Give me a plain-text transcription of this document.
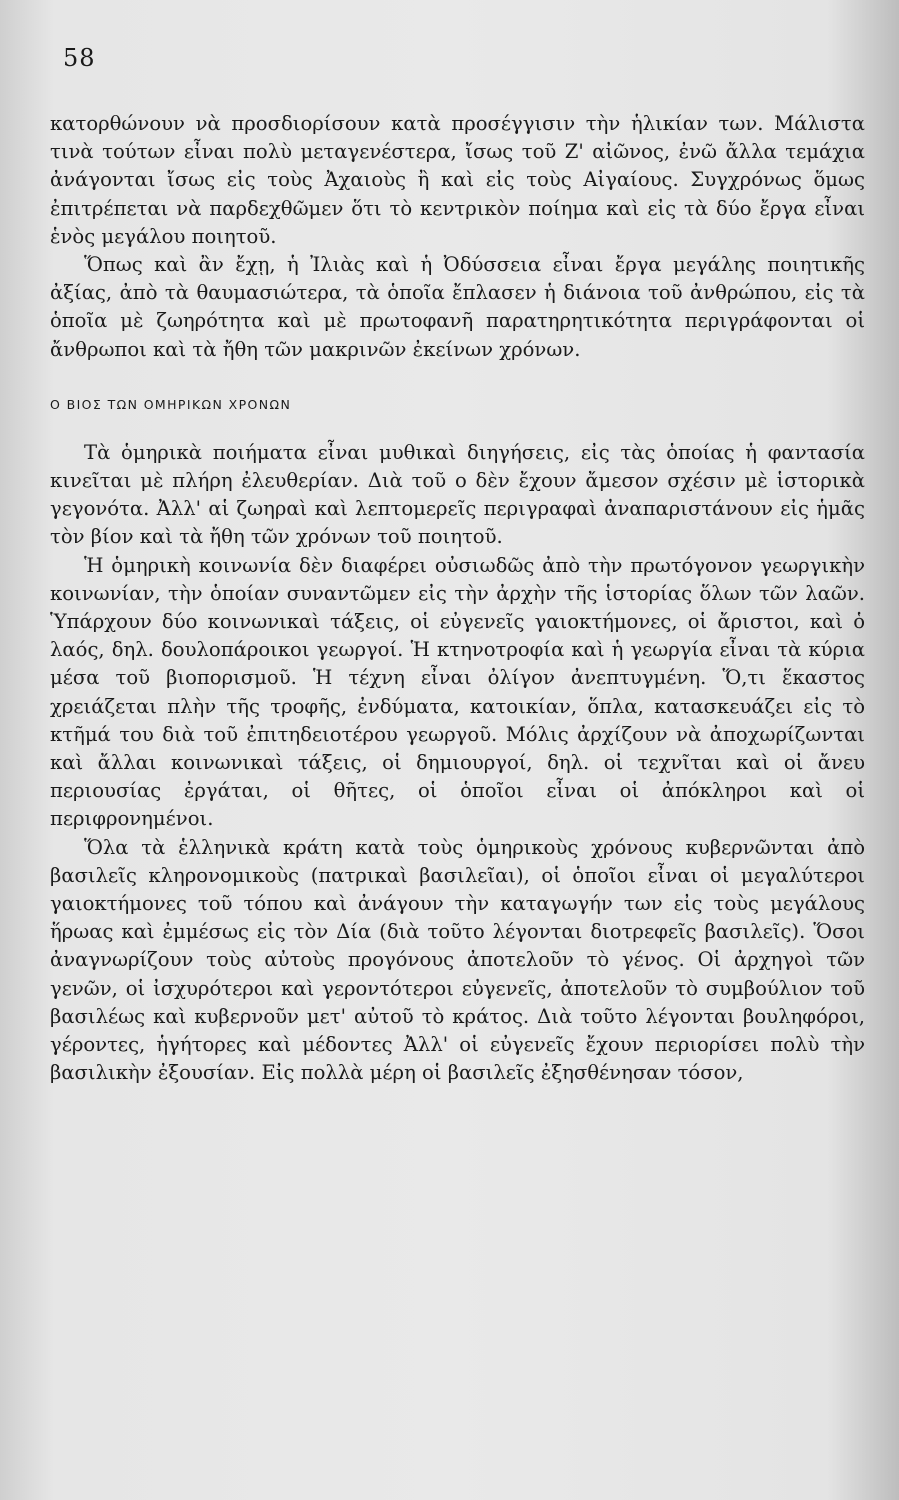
58

κατορθώνουν νὰ προσδιορίσουν κατὰ προσέγγισιν τὴν ἡλικίαν των. Μάλιστα τινὰ τούτων εἶναι πολὺ μεταγενέστερα, ἴσως τοῦ Ζ' αἰῶνος, ἐνῶ ἄλλα τεμάχια ἀνάγονται ἴσως εἰς τοὺς Ἀχαιοὺς ἢ καὶ εἰς τοὺς Αἰγαίους. Συγχρόνως ὅμως ἐπιτρέπεται νὰ παρδεχθῶμεν ὅτι τὸ κεντρικὸν ποίημα καὶ εἰς τὰ δύο ἔργα εἶναι ἑνὸς μεγάλου ποιητοῦ.

Ὅπως καὶ ἂν ἔχῃ, ἡ Ἰλιὰς καὶ ἡ Ὀδύσσεια εἶναι ἔργα μεγάλης ποιητικῆς ἀξίας, ἀπὸ τὰ θαυμασιώτερα, τὰ ὁποῖα ἔπλασεν ἡ διάνοια τοῦ ἀνθρώπου, εἰς τὰ ὁποῖα μὲ ζωηρότητα καὶ μὲ πρωτοφανῆ παρατηρητικότητα περιγράφονται οἱ ἄνθρωποι καὶ τὰ ἤθη τῶν μακρινῶν ἐκείνων χρόνων.

Ο ΒΙΟΣ ΤΩΝ ΟΜΗΡΙΚΩΝ ΧΡΟΝΩΝ

Τὰ ὁμηρικὰ ποιήματα εἶναι μυθικαὶ διηγήσεις, εἰς τὰς ὁποίας ἡ φαντασία κινεῖται μὲ πλήρη ἐλευθερίαν. Διὰ τοῦ ο δὲν ἔχουν ἄμεσον σχέσιν μὲ ἱστορικὰ γεγονότα. Ἀλλ' αἱ ζωηραὶ καὶ λεπτομερεῖς περιγραφαὶ ἀναπαριστάνουν εἰς ἡμᾶς τὸν βίον καὶ τὰ ἤθη τῶν χρόνων τοῦ ποιητοῦ.

Ἡ ὁμηρικὴ κοινωνία δὲν διαφέρει οὐσιωδῶς ἀπὸ τὴν πρωτόγονον γεωργικὴν κοινωνίαν, τὴν ὁποίαν συναντῶμεν εἰς τὴν ἀρχὴν τῆς ἱστορίας ὅλων τῶν λαῶν. Ὑπάρχουν δύο κοινωνικαὶ τάξεις, οἱ εὐγενεῖς γαιοκτήμονες, οἱ ἄριστοι, καὶ ὁ λαός, δηλ. δουλοπάροικοι γεωργοί. Ἡ κτηνοτροφία καὶ ἡ γεωργία εἶναι τὰ κύρια μέσα τοῦ βιοπορισμοῦ. Ἡ τέχνη εἶναι ὀλίγον ἀνεπτυγμένη. Ὅ,τι ἕκαστος χρειάζεται πλὴν τῆς τροφῆς, ἐνδύματα, κατοικίαν, ὅπλα, κατασκευάζει εἰς τὸ κτῆμά του διὰ τοῦ ἐπιτηδειοτέρου γεωργοῦ. Μόλις ἀρχίζουν νὰ ἀποχωρίζωνται καὶ ἄλλαι κοινωνικαὶ τάξεις, οἱ δημιουργοί, δηλ. οἱ τεχνῖται καὶ οἱ ἄνευ περιουσίας ἐργάται, οἱ θῆτες, οἱ ὁποῖοι εἶναι οἱ ἀπόκληροι καὶ οἱ περιφρονημένοι.

Ὅλα τὰ ἑλληνικὰ κράτη κατὰ τοὺς ὁμηρικοὺς χρόνους κυβερνῶνται ἀπὸ βασιλεῖς κληρονομικοὺς (πατρικαὶ βασιλεῖαι), οἱ ὁποῖοι εἶναι οἱ μεγαλύτεροι γαιοκτήμονες τοῦ τόπου καὶ ἀνάγουν τὴν καταγωγήν των εἰς τοὺς μεγάλους ἥρωας καὶ ἐμμέσως εἰς τὸν Δία (διὰ τοῦτο λέγονται διοτρεφεῖς βασιλεῖς). Ὅσοι ἀναγνωρίζουν τοὺς αὐτοὺς προγόνους ἀποτελοῦν τὸ γένος. Οἱ ἀρχηγοὶ τῶν γενῶν, οἱ ἰσχυρότεροι καὶ γεροντότεροι εὐγενεῖς, ἀποτελοῦν τὸ συμβούλιον τοῦ βασιλέως καὶ κυβερνοῦν μετ' αὐτοῦ τὸ κράτος. Διὰ τοῦτο λέγονται βουληφόροι, γέροντες, ἡγήτορες καὶ μέδοντες Ἀλλ' οἱ εὐγενεῖς ἔχουν περιορίσει πολὺ τὴν βασιλικὴν ἐξουσίαν. Εἰς πολλὰ μέρη οἱ βασιλεῖς ἐξησθένησαν τόσον,
